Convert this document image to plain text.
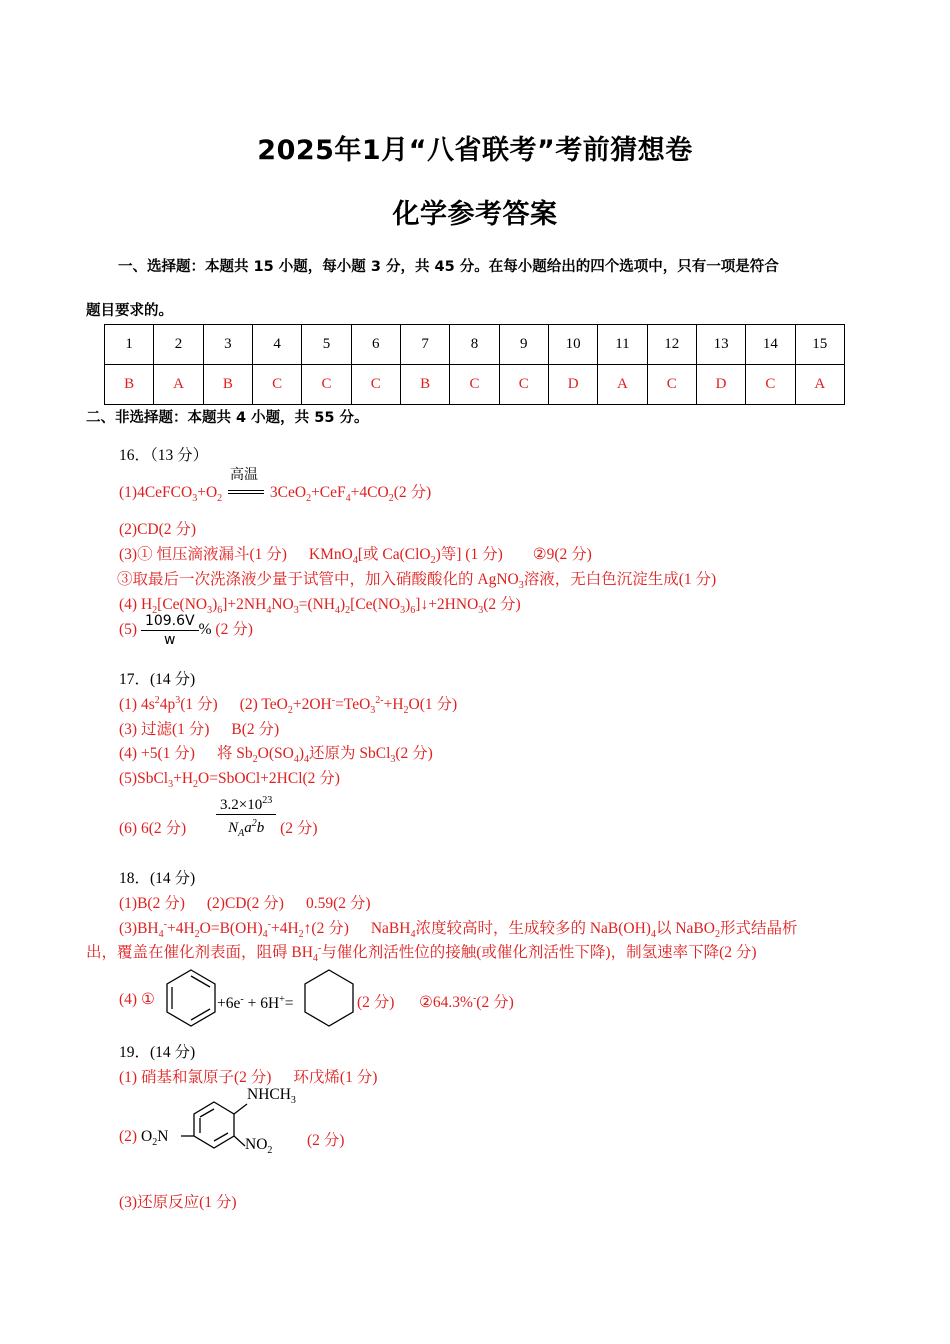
2025年1月“八省联考”考前猜想卷
化学参考答案

一、选择题：本题共 15 小题，每小题 3 分，共 45 分。在每小题给出的四个选项中，只有一项是符合

题目要求的。

1	2	3	4	5	6	7	8	9	10	11	12	13	14	15
B	A	B	C	C	C	B	C	C	D	A	C	D	C	A
二、非选择题：本题共 4 小题，共 55 分。
16．（13 分）
$(1)4CeFCO_3+O_2$
高温
$3CeO_2+CeF_4+4CO_2(2$ 分)
(2)CD(2 分)
(3)① 恒压滴液漏斗(1 分) KMnO$_4$[或 Ca(ClO$_2$)等] (1 分) ②9(2 分)
③取最后一次洗涤液少量于试管中，加入硝酸酸化的 AgNO$_3$溶液，无白色沉淀生成(1 分)
(4) $H_2[Ce(NO_3)_6]+2NH_4NO_3=(NH_4)_2[Ce(NO_3)_6]↓+2HNO_3(2$ 分)
$(5) \frac{109.6V}{w}$ % (2 分)
17．(14 分)
(1) $4s^24p^3(1$ 分) (2) $TeO_2+2OH^-=TeO_3^{2-}+H_2O(1$ 分)
(3) 过滤(1 分) B(2 分)
(4) +5(1 分) 将 $Sb_2O(SO_4)_4$还原为 SbCl$_3$(2 分)
$(5)SbCl_3+H_2O=SbOCl+2HCl(2$ 分)
(6) 6(2 分) $\frac{3.2\times 10^{23}}{N_Aa^2b} (2$ 分)
18．(14 分)
(1)B(2 分) (2)CD(2 分) 0.59(2 分)
$(3)BH_4^-+4H_2O=B(OH)_4^-+4H_2↑(2$ 分) NaBH$_4$浓度较高时，生成较多的 $NaB(OH)_4$以 NaBO$_2$形式结晶析
出，覆盖在催化剂表面，阻碍 $BH_4^-$与催化剂活性位的接触(或催化剂活性下降)，制氢速率下降(2 分)
(4) ①	+6e- + 6H+=	(2 分) ②64.3%-(2 分)
19．(14 分)
(1) 硝基和氯原子(2 分) 环戊烯(1 分)
(2)
$NHCH_3$
$O_2N$	$NO_2$
(2 分)
(3)还原反应(1 分)
